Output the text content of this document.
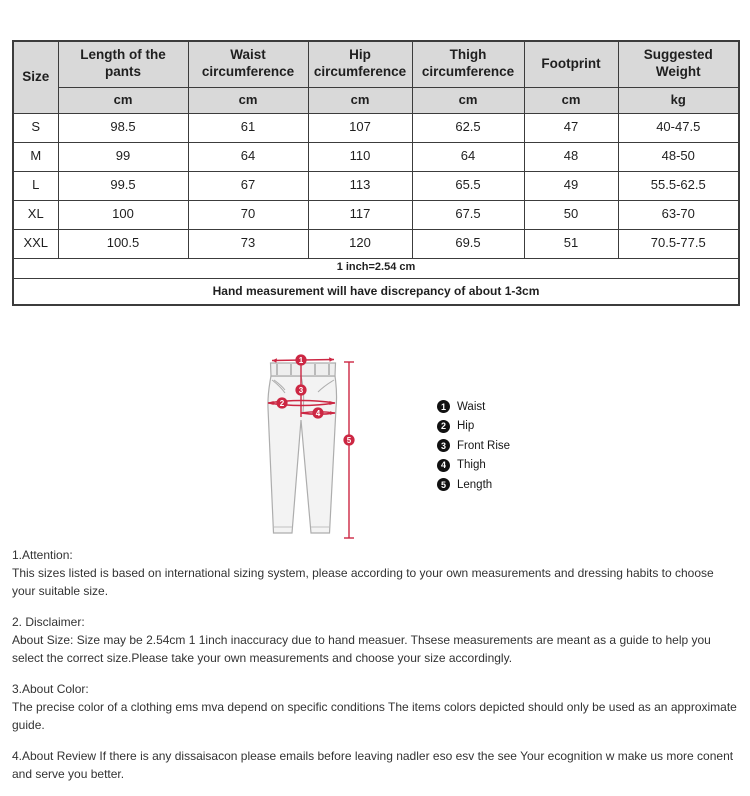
Size	Length of the pants	Waist circumference	Hip circumference	Thigh circumference	Footprint	Suggested Weight
	cm	cm	cm	cm	cm	kg
S	98.5	61	107	62.5	47	40-47.5
M	99	64	110	64	48	48-50
L	99.5	67	113	65.5	49	55.5-62.5
XL	100	70	117	67.5	50	63-70
XXL	100.5	73	120	69.5	51	70.5-77.5
1 inch=2.54 cm						
Hand measurement will have discrepancy of about 1-3cm						
1
2
3
4
5
1 Waist
2 Hip
3 Front Rise
4 Thigh
5 Length
1.Attention:
This sizes listed is based on international sizing system, please according to your own measurements and dressing habits to choose your suitable size.
2. Disclaimer:
About Size: Size may be 2.54cm 1 1inch inaccuracy due to hand measuer. Thsese measurements are meant as a guide to help you select the correct size.Please take your own measurements and choose your size accordingly.
3.About Color:
The precise color of a clothing ems mva depend on specific conditions The items colors depicted should only be used as an approximate guide.
4.About Review If there is any dissaisacon please emails before leaving nadler eso esv the see Your ecognition w make us more conent and serve you better.
